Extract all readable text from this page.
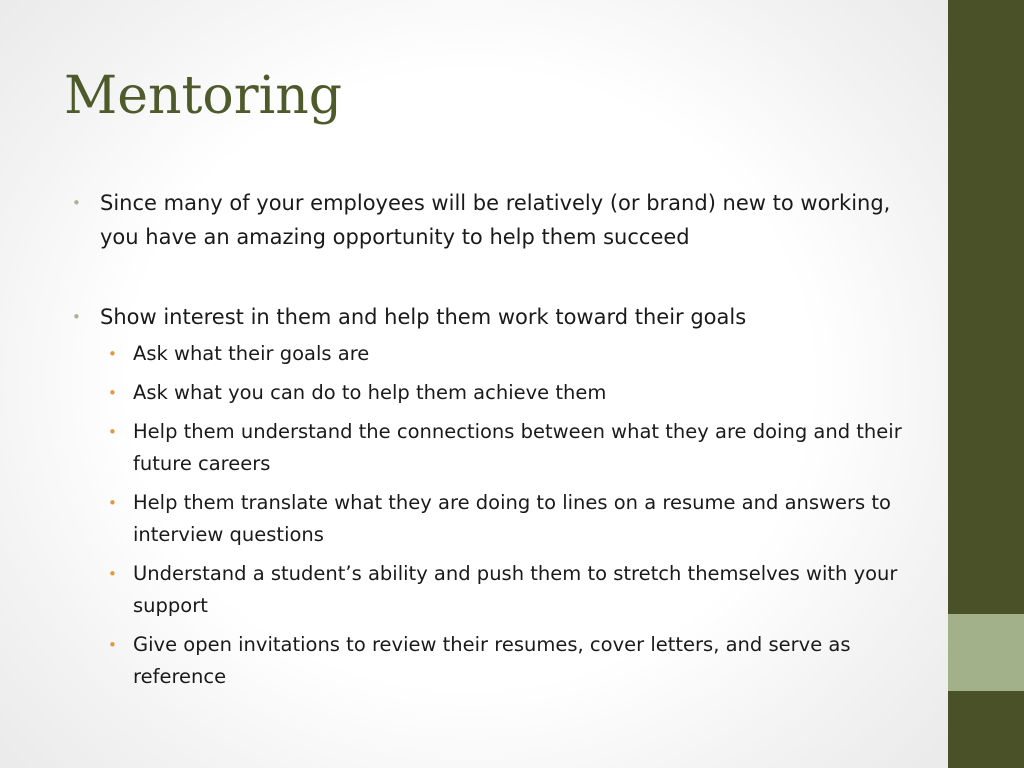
Mentoring
• Since many of your employees will be relatively (or brand) new to working, you have an amazing opportunity to help them succeed
• Show interest in them and help them work toward their goals
• Ask what their goals are
• Ask what you can do to help them achieve them
• Help them understand the connections between what they are doing and their future careers
• Help them translate what they are doing to lines on a resume and answers to interview questions
• Understand a student’s ability and push them to stretch themselves with your support
• Give open invitations to review their resumes, cover letters, and serve as reference
